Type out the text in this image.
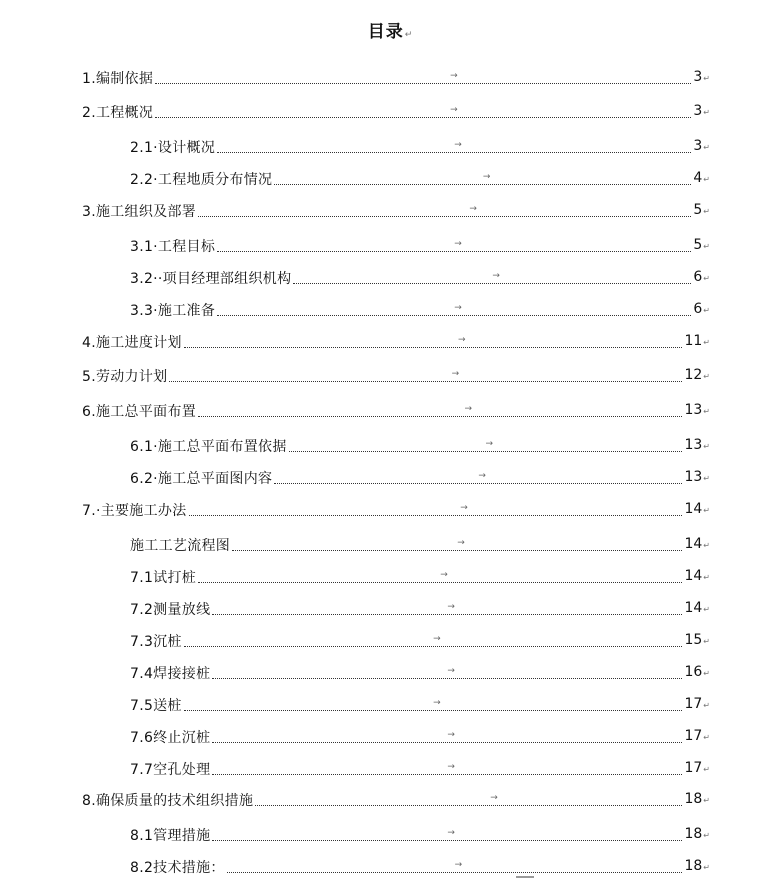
目录↵
1.编制依据	→	3↵
2.工程概况	→	3↵
2.1·设计概况	→	3↵
2.2·工程地质分布情况	→	4↵
3.施工组织及部署	→	5↵
3.1·工程目标	→	5↵
3.2··项目经理部组织机构	→	6↵
3.3·施工准备	→	6↵
4.施工进度计划	→	11↵
5.劳动力计划	→	12↵
6.施工总平面布置	→	13↵
6.1·施工总平面布置依据	→	13↵
6.2·施工总平面图内容	→	13↵
7.·主要施工办法	→	14↵
施工工艺流程图	→	14↵
7.1试打桩	→	14↵
7.2测量放线	→	14↵
7.3沉桩	→	15↵
7.4焊接接桩	→	16↵
7.5送桩	→	17↵
7.6终止沉桩	→	17↵
7.7空孔处理	→	17↵
8.确保质量的技术组织措施	→	18↵
8.1管理措施	→	18↵
8.2技术措施：	→	18↵
